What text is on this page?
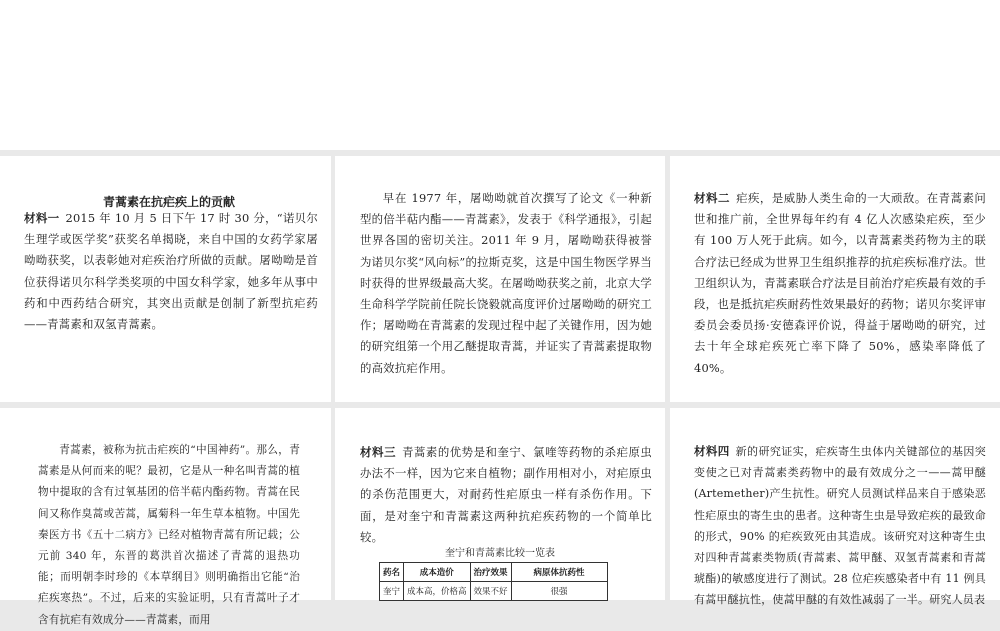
青蒿素在抗疟疾上的贡献
材料一 2015 年 10 月 5 日下午 17 时 30 分，“诺贝尔生理学或医学奖”获奖名单揭晓，来自中国的女药学家屠呦呦获奖，以表彰她对疟疾治疗所做的贡献。屠呦呦是首位获得诺贝尔科学类奖项的中国女科学家，她多年从事中药和中西药结合研究，其突出贡献是创制了新型抗疟药——青蒿素和双氢青蒿素。
早在 1977 年，屠呦呦就首次撰写了论文《一种新型的倍半萜内酯——青蒿素》，发表于《科学通报》，引起世界各国的密切关注。2011 年 9 月，屠呦呦获得被誉为诺贝尔奖“风向标”的拉斯克奖，这是中国生物医学界当时获得的世界级最高大奖。在屠呦呦获奖之前，北京大学生命科学学院前任院长饶毅就高度评价过屠呦呦的研究工作；屠呦呦在青蒿素的发现过程中起了关键作用，因为她的研究组第一个用乙醚提取青蒿，并证实了青蒿素提取物的高效抗疟作用。
材料二 疟疾，是威胁人类生命的一大顽敌。在青蒿素问世和推广前，全世界每年约有 4 亿人次感染疟疾，至少有 100 万人死于此病。如今，以青蒿素类药物为主的联合疗法已经成为世界卫生组织推荐的抗疟疾标准疗法。世卫组织认为，青蒿素联合疗法是目前治疗疟疾最有效的手段，也是抵抗疟疾耐药性效果最好的药物；诺贝尔奖评审委员会委员扬·安德森评价说，得益于屠呦呦的研究，过去十年全球疟疾死亡率下降了 50%，感染率降低了 40%。
青蒿素，被称为抗击疟疾的“中国神药”。那么，青蒿素是从何而来的呢？最初，它是从一种名叫青蒿的植物中提取的含有过氧基团的倍半萜内酯药物。青蒿在民间又称作臭蒿或苦蒿，属菊科一年生草本植物。中国先秦医方书《五十二病方》已经对植物青蒿有所记载；公元前 340 年，东晋的葛洪首次描述了青蒿的退热功能；而明朝李时珍的《本草纲目》则明确指出它能“治疟疾寒热”。不过，后来的实验证明，只有青蒿叶子才含有抗疟有效成分——青蒿素，而用
材料三 青蒿素的优势是和奎宁、氯喹等药物的杀疟原虫办法不一样，因为它来自植物；副作用相对小，对疟原虫的杀伤范围更大，对耐药性疟原虫一样有杀伤作用。下面，是对奎宁和青蒿素这两种抗疟疾药物的一个简单比较。
奎宁和青蒿素比较一览表
药名	成本造价	治疗效果	病原体抗药性
奎宁	成本高，价格高	效果不好	很强
材料四 新的研究证实，疟疾寄生虫体内关键部位的基因突变使之已对青蒿素类药物中的最有效成分之一——蒿甲醚(Artemether)产生抗性。研究人员测试样品来自于感染恶性疟原虫的寄生虫的患者。这种寄生虫是导致疟疾的最致命的形式，90% 的疟疾致死由其造成。该研究对这种寄生虫对四种青蒿素类物质(青蒿素、蒿甲醚、双氢青蒿素和青蒿琥酯)的敏感度进行了测试。28 位疟疾感染者中有 11 例具有蒿甲醚抗性，使蒿甲醚的有效性减弱了一半。研究人员表
